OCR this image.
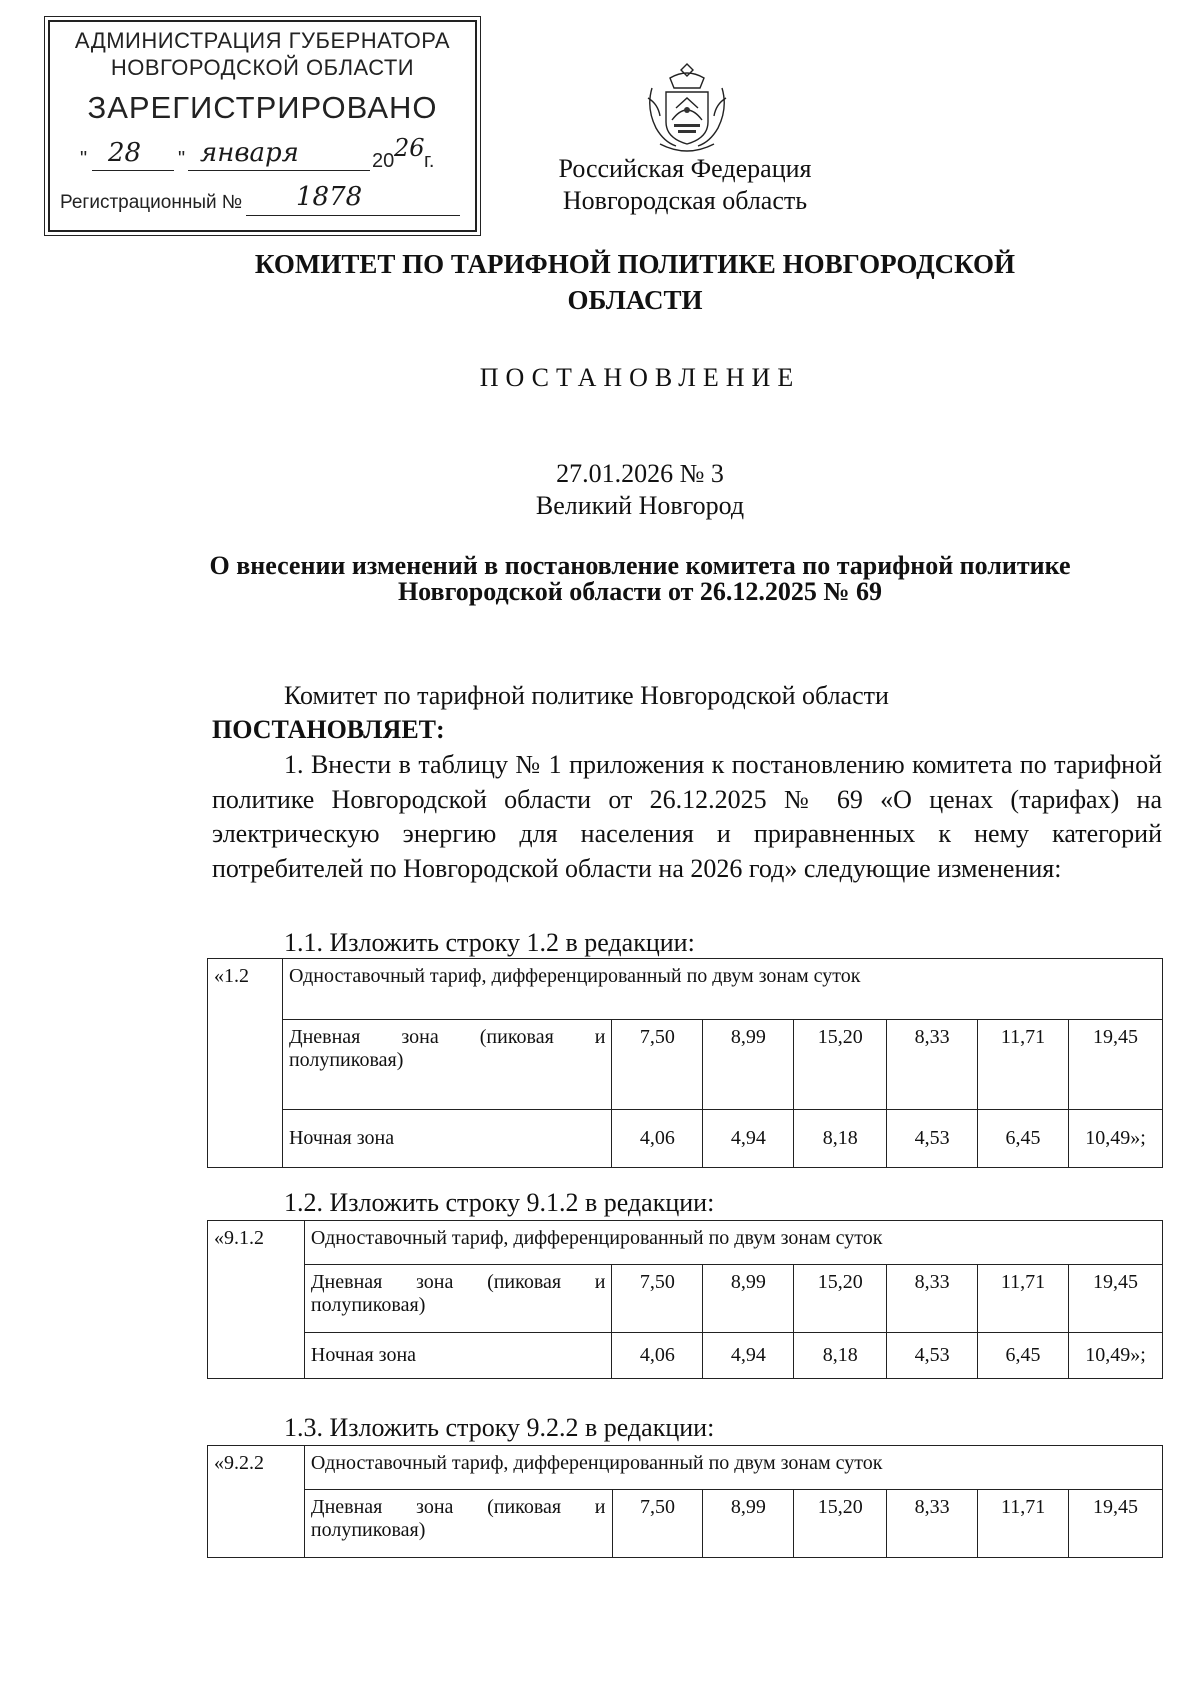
АДМИНИСТРАЦИЯ ГУБЕРНАТОРА
НОВГОРОДСКОЙ ОБЛАСТИ
ЗАРЕГИСТРИРОВАНО
" 28 " января	20 26 г.
Регистрационный № 1878
Российская Федерация
Новгородская область
КОМИТЕТ ПО ТАРИФНОЙ ПОЛИТИКЕ НОВГОРОДСКОЙ ОБЛАСТИ
ПОСТАНОВЛЕНИЕ
27.01.2026 № 3
Великий Новгород
О внесении изменений в постановление комитета по тарифной политике Новгородской области от 26.12.2025 № 69
Комитет по тарифной политике Новгородской области
ПОСТАНОВЛЯЕТ:
1. Внести в таблицу № 1 приложения к постановлению комитета по тарифной политике Новгородской области от 26.12.2025 № 69 «О ценах (тарифах) на электрическую энергию для населения и приравненных к нему категорий потребителей по Новгородской области на 2026 год» следующие изменения:
1.1. Изложить строку 1.2 в редакции:
«1.2	Одноставочный тариф, дифференцированный по двум зонам суток						

	Дневная зона (пиковая и полупиковая)	7,50	8,99	15,20	8,33	11,71	19,45
	Ночная зона	4,06	4,94	8,18	4,53	6,45	10,49»;
1.2. Изложить строку 9.1.2 в редакции:
«9.1.2	Одноставочный тариф, дифференцированный по двум зонам суток						

	Дневная зона (пиковая и полупиковая)	7,50	8,99	15,20	8,33	11,71	19,45
	Ночная зона	4,06	4,94	8,18	4,53	6,45	10,49»;
1.3. Изложить строку 9.2.2 в редакции:
«9.2.2	Одноставочный тариф, дифференцированный по двум зонам суток						

	Дневная зона (пиковая и полупиковая)	7,50	8,99	15,20	8,33	11,71	19,45
